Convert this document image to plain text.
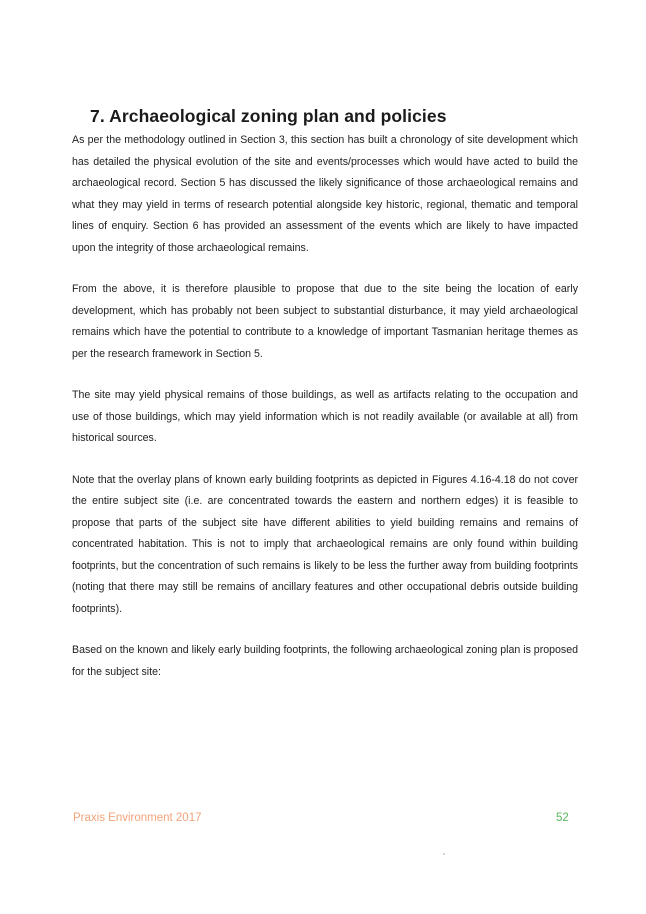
7. Archaeological zoning plan and policies

As per the methodology outlined in Section 3, this section has built a chronology of site development which has detailed the physical evolution of the site and events/processes which would have acted to build the archaeological record. Section 5 has discussed the likely significance of those archaeological remains and what they may yield in terms of research potential alongside key historic, regional, thematic and temporal lines of enquiry. Section 6 has provided an assessment of the events which are likely to have impacted upon the integrity of those archaeological remains.

From the above, it is therefore plausible to propose that due to the site being the location of early development, which has probably not been subject to substantial disturbance, it may yield archaeological remains which have the potential to contribute to a knowledge of important Tasmanian heritage themes as per the research framework in Section 5.

The site may yield physical remains of those buildings, as well as artifacts relating to the occupation and use of those buildings, which may yield information which is not readily available (or available at all) from historical sources.

Note that the overlay plans of known early building footprints as depicted in Figures 4.16-4.18 do not cover the entire subject site (i.e. are concentrated towards the eastern and northern edges) it is feasible to propose that parts of the subject site have different abilities to yield building remains and remains of concentrated habitation. This is not to imply that archaeological remains are only found within building footprints, but the concentration of such remains is likely to be less the further away from building footprints (noting that there may still be remains of ancillary features and other occupational debris outside building footprints).

Based on the known and likely early building footprints, the following archaeological zoning plan is proposed for the subject site:

Praxis Environment 2017	52
